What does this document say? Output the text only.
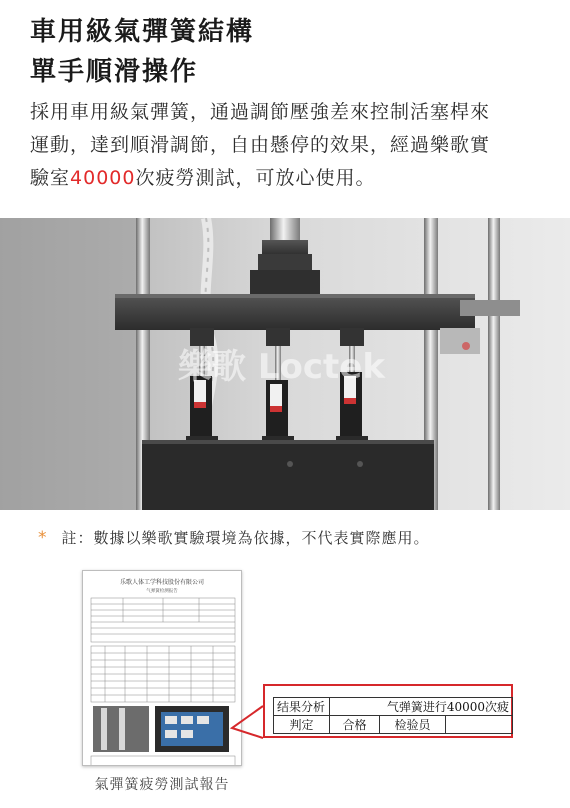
車用級氣彈簧結構
單手順滑操作
採用車用級氣彈簧，通過調節壓強差來控制活塞桿來
運動，達到順滑調節，自由懸停的效果，經過樂歌實
驗室40000次疲勞測試，可放心使用。
樂歌 Loctek
* 註：數據以樂歌實驗環境為依據，不代表實際應用。
乐歌人体工学科技股份有限公司
气弹簧检测报告
结果分析	气弹簧进行40000次疲		
判定	合格	检验员	
氣彈簧疲勞測試報告
